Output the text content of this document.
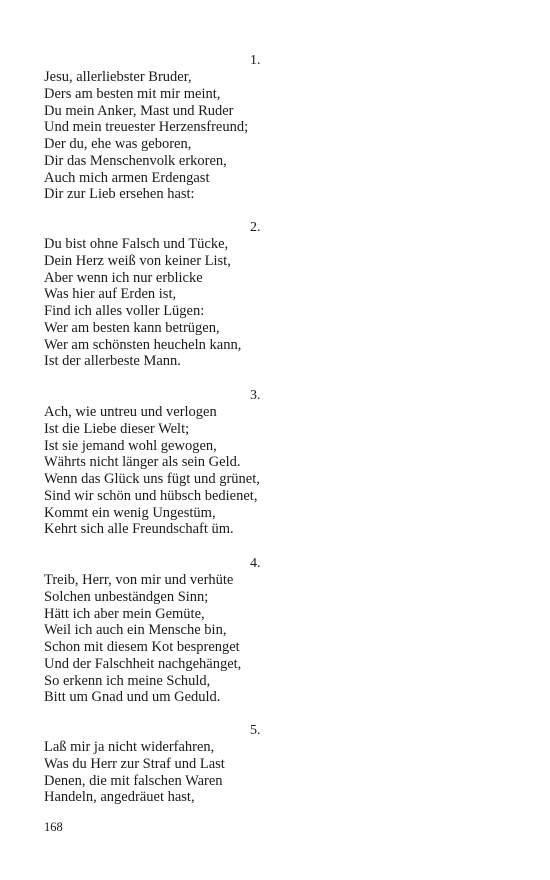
1.
Jesu, allerliebster Bruder,
Ders am besten mit mir meint,
Du mein Anker, Mast und Ruder
Und mein treuester Herzensfreund;
Der du, ehe was geboren,
Dir das Menschenvolk erkoren,
Auch mich armen Erdengast
Dir zur Lieb ersehen hast:
2.
Du bist ohne Falsch und Tücke,
Dein Herz weiß von keiner List,
Aber wenn ich nur erblicke
Was hier auf Erden ist,
Find ich alles voller Lügen:
Wer am besten kann betrügen,
Wer am schönsten heucheln kann,
Ist der allerbeste Mann.
3.
Ach, wie untreu und verlogen
Ist die Liebe dieser Welt;
Ist sie jemand wohl gewogen,
Währts nicht länger als sein Geld.
Wenn das Glück uns fügt und grünet,
Sind wir schön und hübsch bedienet,
Kommt ein wenig Ungestüm,
Kehrt sich alle Freundschaft üm.
4.
Treib, Herr, von mir und verhüte
Solchen unbeständgen Sinn;
Hätt ich aber mein Gemüte,
Weil ich auch ein Mensche bin,
Schon mit diesem Kot besprenget
Und der Falschheit nachgehänget,
So erkenn ich meine Schuld,
Bitt um Gnad und um Geduld.
5.
Laß mir ja nicht widerfahren,
Was du Herr zur Straf und Last
Denen, die mit falschen Waren
Handeln, angedräuet hast,
168
